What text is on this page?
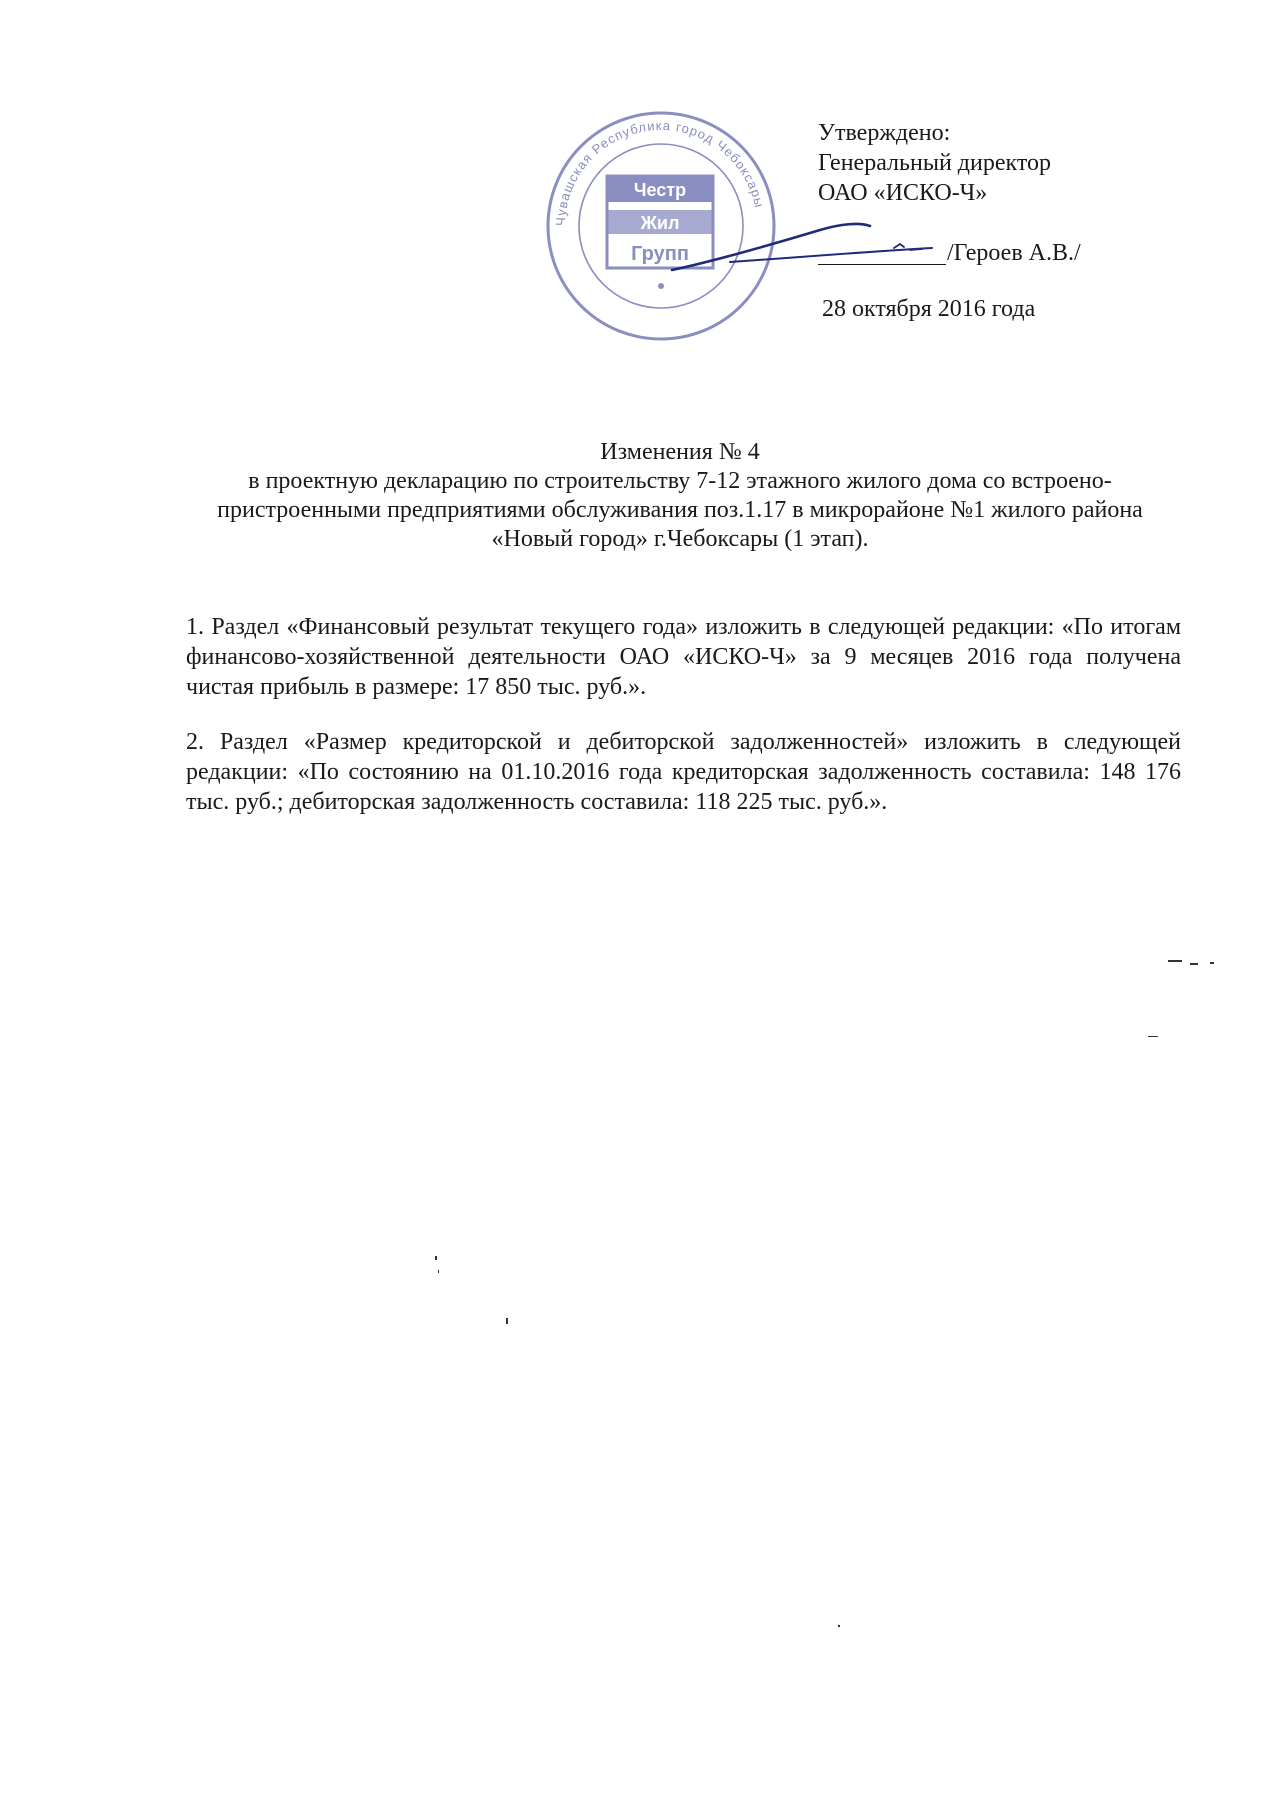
Чувашская Республика город Чебоксары
Честр
Жил
Групп
Утверждено:
Генеральный директор
ОАО «ИСКО-Ч»
/Героев А.В./
28 октября 2016 года
Изменения № 4
в проектную декларацию по строительству 7-12 этажного жилого дома со встроено-
пристроенными предприятиями обслуживания поз.1.17 в микрорайоне №1 жилого района
«Новый город» г.Чебоксары (1 этап).
1. Раздел «Финансовый результат текущего года» изложить в следующей редакции: «По итогам финансово-хозяйственной деятельности ОАО «ИСКО-Ч» за 9 месяцев 2016 года получена чистая прибыль в размере: 17 850 тыс. руб.».
2. Раздел «Размер кредиторской и дебиторской задолженностей» изложить в следующей редакции: «По состоянию на 01.10.2016 года кредиторская задолженность составила: 148 176 тыс. руб.; дебиторская задолженность составила: 118 225 тыс. руб.».
